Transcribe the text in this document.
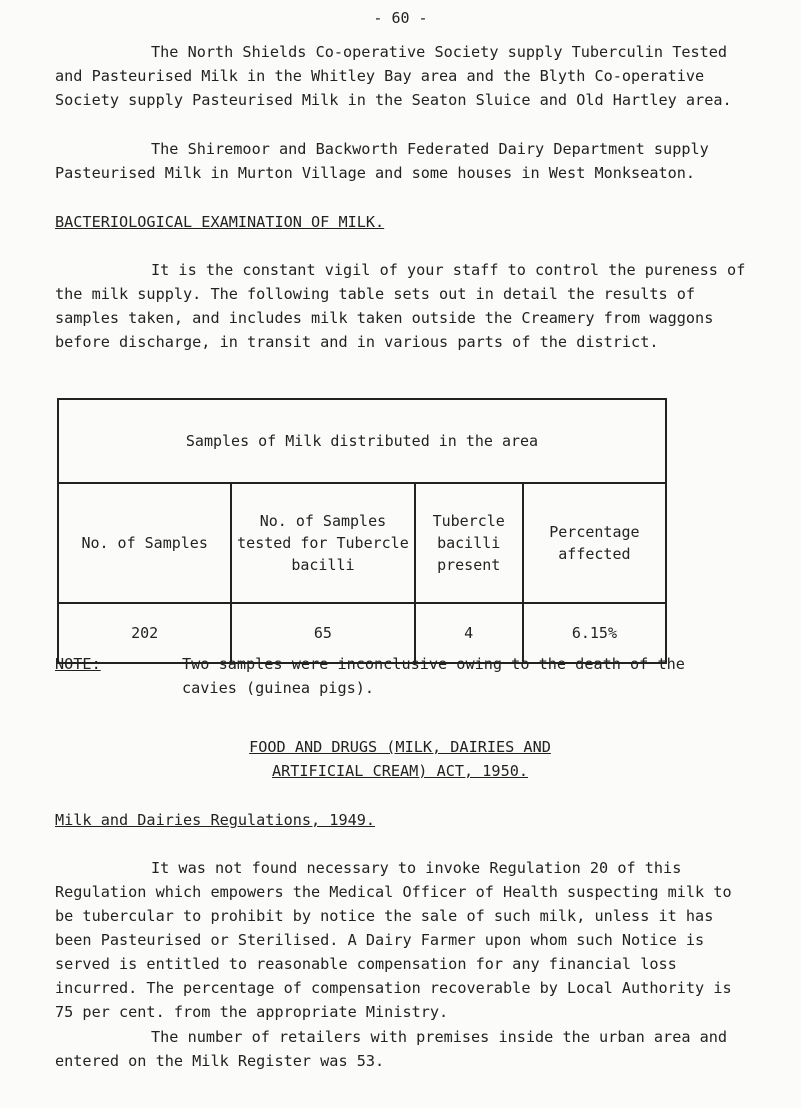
- 60 -

The North Shields Co-operative Society supply Tuberculin Tested and Pasteurised Milk in the Whitley Bay area and the Blyth Co-operative Society supply Pasteurised Milk in the Seaton Sluice and Old Hartley area.

The Shiremoor and Backworth Federated Dairy Department supply Pasteurised Milk in Murton Village and some houses in West Monkseaton.

BACTERIOLOGICAL EXAMINATION OF MILK.

It is the constant vigil of your staff to control the pureness of the milk supply. The following table sets out in detail the results of samples taken, and includes milk taken outside the Creamery from waggons before discharge, in transit and in various parts of the district.

Samples of Milk distributed in the area			
No. of Samples	No. of Samples tested for Tubercle bacilli	Tubercle bacilli present	Percentage affected
202	65	4	6.15%

NOTE:	Two samples were inconclusive owing to the death of the cavies (guinea pigs).

FOOD AND DRUGS (MILK, DAIRIES AND
ARTIFICIAL CREAM) ACT, 1950.

Milk and Dairies Regulations, 1949.

It was not found necessary to invoke Regulation 20 of this Regulation which empowers the Medical Officer of Health suspecting milk to be tubercular to prohibit by notice the sale of such milk, unless it has been Pasteurised or Sterilised. A Dairy Farmer upon whom such Notice is served is entitled to reasonable compensation for any financial loss incurred. The percentage of compensation recoverable by Local Authority is 75 per cent. from the appropriate Ministry.

The number of retailers with premises inside the urban area and entered on the Milk Register was 53.
